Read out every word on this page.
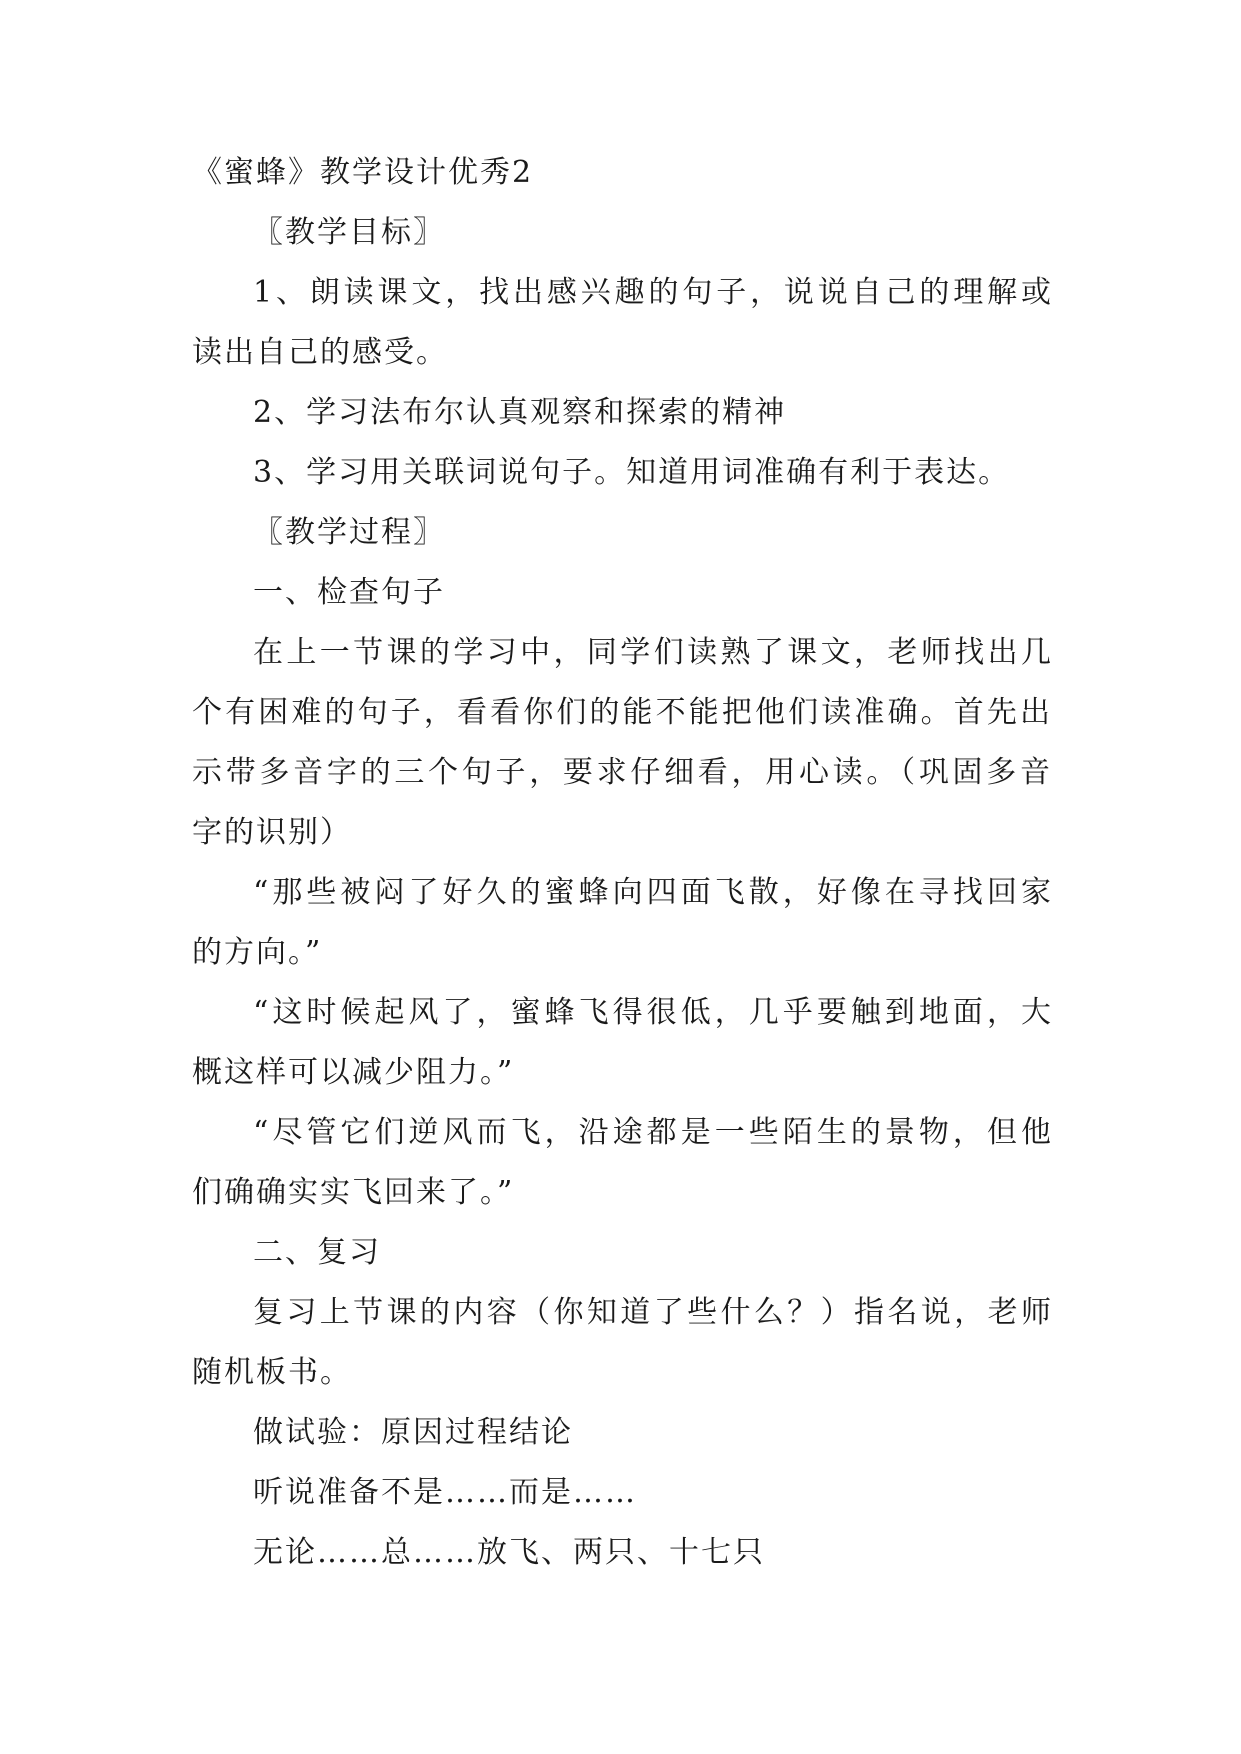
《蜜蜂》教学设计优秀2
〖教学目标〗
1、朗读课文，找出感兴趣的句子，说说自己的理解或
读出自己的感受。
2、学习法布尔认真观察和探索的精神
3、学习用关联词说句子。知道用词准确有利于表达。
〖教学过程〗
一、检查句子
在上一节课的学习中，同学们读熟了课文，老师找出几
个有困难的句子，看看你们的能不能把他们读准确。首先出
示带多音字的三个句子，要求仔细看，用心读。（巩固多音
字的识别）
“那些被闷了好久的蜜蜂向四面飞散，好像在寻找回家
的方向。”
“这时候起风了，蜜蜂飞得很低，几乎要触到地面，大
概这样可以减少阻力。”
“尽管它们逆风而飞，沿途都是一些陌生的景物，但他
们确确实实飞回来了。”
二、复习
复习上节课的内容（你知道了些什么？）指名说，老师
随机板书。
做试验：原因过程结论
听说准备不是……而是……
无论……总……放飞、两只、十七只
